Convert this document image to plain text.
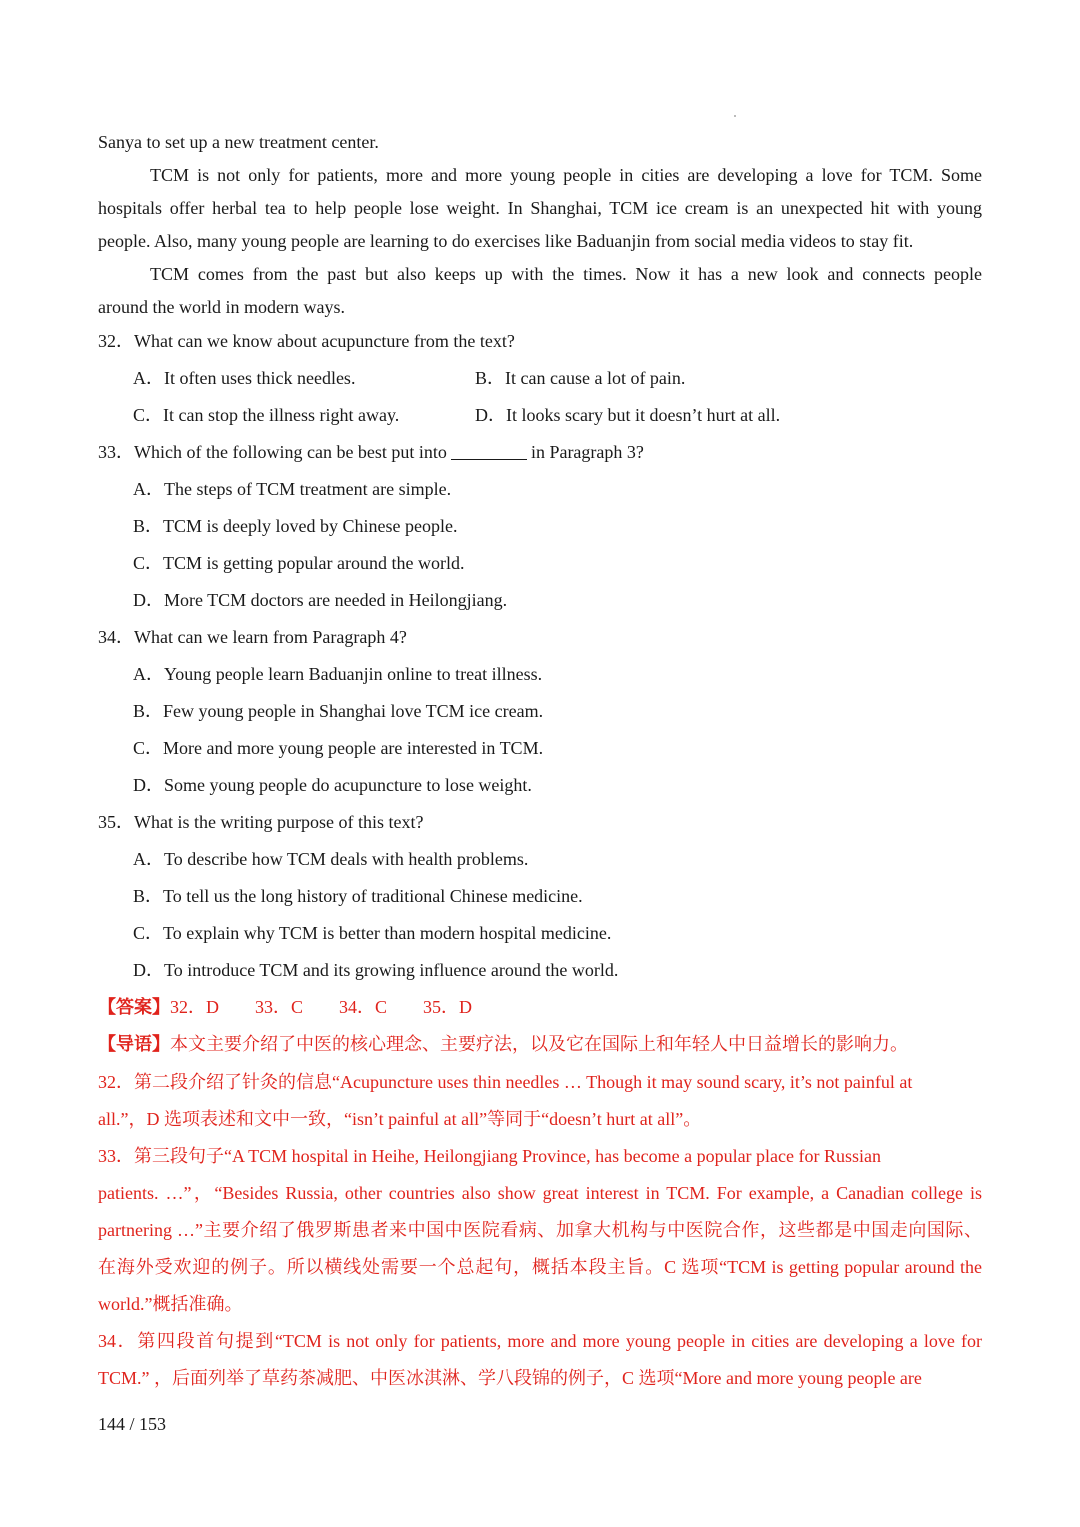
Sanya to set up a new treatment center.
TCM is not only for patients, more and more young people in cities are developing a love for TCM. Some
hospitals offer herbal tea to help people lose weight. In Shanghai, TCM ice cream is an unexpected hit with young
people. Also, many young people are learning to do exercises like Baduanjin from social media videos to stay fit.
TCM comes from the past but also keeps up with the times. Now it has a new look and connects people
around the world in modern ways.
32．What can we know about acupuncture from the text?
A．It often uses thick needles.	B．It can cause a lot of pain.
C．It can stop the illness right away.	D．It looks scary but it doesn’t hurt at all.
33．Which of the following can be best put into	in Paragraph 3?
A．The steps of TCM treatment are simple.
B．TCM is deeply loved by Chinese people.
C．TCM is getting popular around the world.
D．More TCM doctors are needed in Heilongjiang.
34．What can we learn from Paragraph 4?
A．Young people learn Baduanjin online to treat illness.
B．Few young people in Shanghai love TCM ice cream.
C．More and more young people are interested in TCM.
D．Some young people do acupuncture to lose weight.
35．What is the writing purpose of this text?
A．To describe how TCM deals with health problems.
B．To tell us the long history of traditional Chinese medicine.
C．To explain why TCM is better than modern hospital medicine.
D．To introduce TCM and its growing influence around the world.
【答案】32．D　　33．C　　34．C　　35．D
【导语】本文主要介绍了中医的核心理念、主要疗法，以及它在国际上和年轻人中日益增长的影响力。
32．第二段介绍了针灸的信息“Acupuncture uses thin needles … Though it may sound scary, it’s not painful at
all.”，D 选项表述和文中一致，“isn’t painful at all”等同于“doesn’t hurt at all”。
33．第三段句子“A TCM hospital in Heihe, Heilongjiang Province, has become a popular place for Russian
patients. …”，“Besides Russia, other countries also show great interest in TCM. For example, a Canadian college is
partnering …”主要介绍了俄罗斯患者来中国中医院看病、加拿大机构与中医院合作，这些都是中国走向国际、
在海外受欢迎的例子。所以横线处需要一个总起句，概括本段主旨。C 选项“TCM is getting popular around the
world.”概括准确。
34．第四段首句提到“TCM is not only for patients, more and more young people in cities are developing a love for
TCM.” ，后面列举了草药茶减肥、中医冰淇淋、学八段锦的例子，C 选项“More and more young people are
144 / 153
